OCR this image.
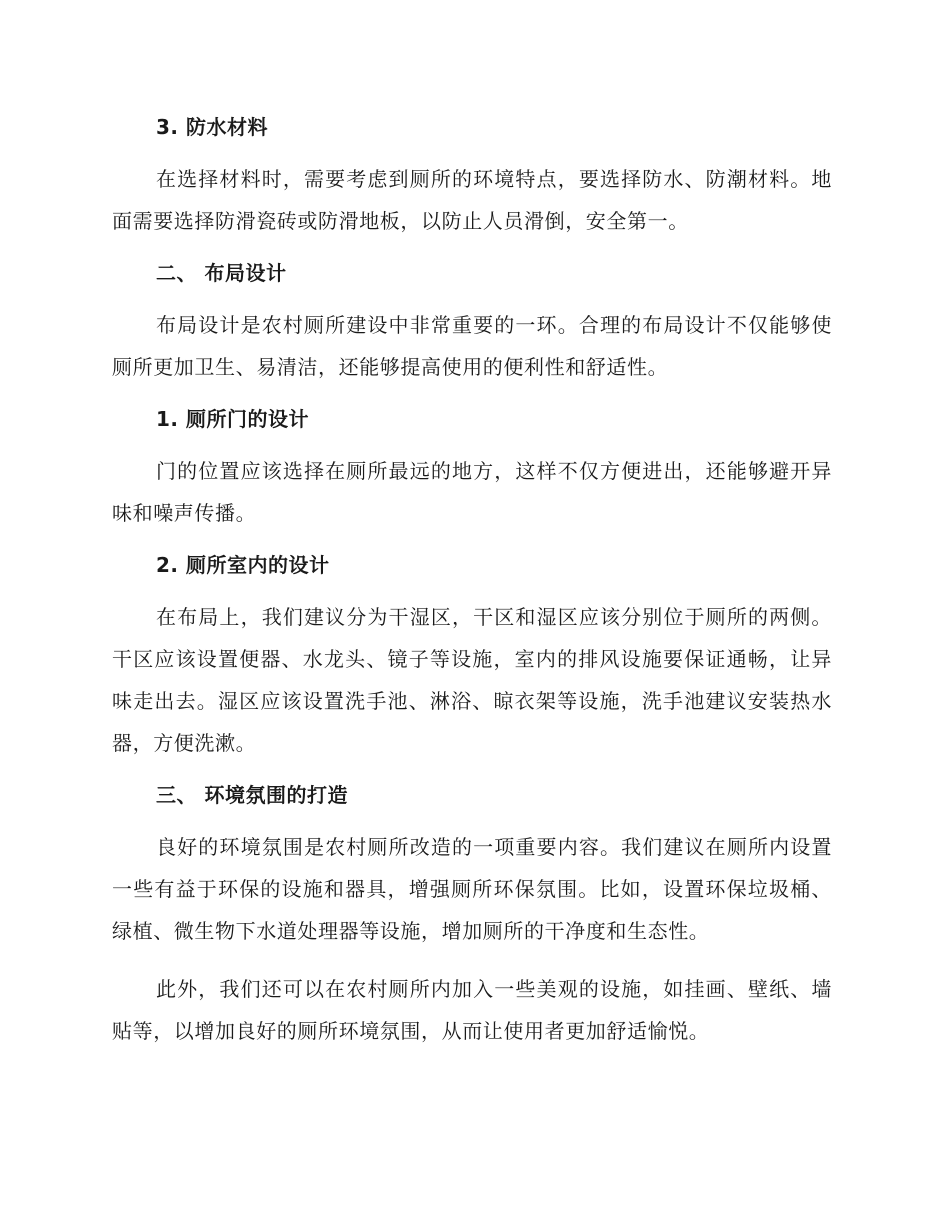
3. 防水材料

在选择材料时，需要考虑到厕所的环境特点，要选择防水、防潮材料。地面需要选择防滑瓷砖或防滑地板，以防止人员滑倒，安全第一。

二、 布局设计

布局设计是农村厕所建设中非常重要的一环。合理的布局设计不仅能够使厕所更加卫生、易清洁，还能够提高使用的便利性和舒适性。

1. 厕所门的设计

门的位置应该选择在厕所最远的地方，这样不仅方便进出，还能够避开异味和噪声传播。

2. 厕所室内的设计

在布局上，我们建议分为干湿区，干区和湿区应该分别位于厕所的两侧。干区应该设置便器、水龙头、镜子等设施，室内的排风设施要保证通畅，让异味走出去。湿区应该设置洗手池、淋浴、晾衣架等设施，洗手池建议安装热水器，方便洗漱。

三、 环境氛围的打造

良好的环境氛围是农村厕所改造的一项重要内容。我们建议在厕所内设置一些有益于环保的设施和器具，增强厕所环保氛围。比如，设置环保垃圾桶、绿植、微生物下水道处理器等设施，增加厕所的干净度和生态性。

此外，我们还可以在农村厕所内加入一些美观的设施，如挂画、壁纸、墙贴等，以增加良好的厕所环境氛围，从而让使用者更加舒适愉悦。
